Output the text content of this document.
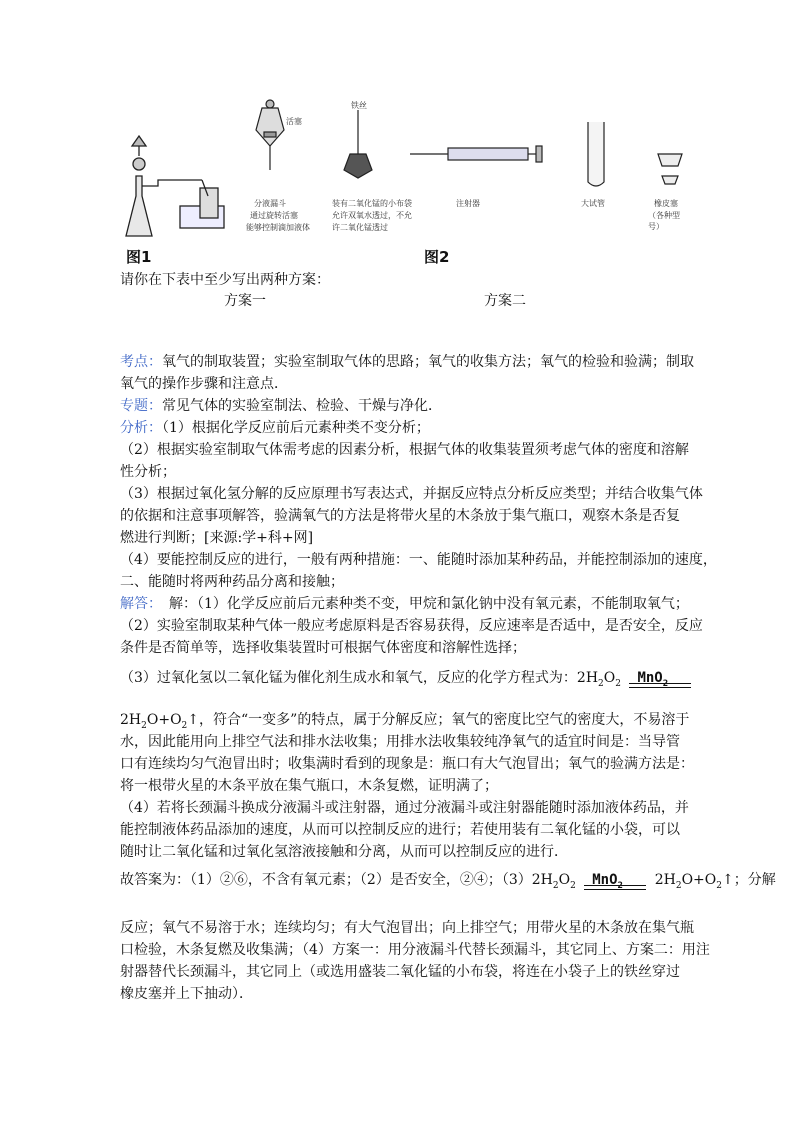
活塞
铁丝
分液漏斗
通过旋转活塞
能够控制滴加液体
装有二氧化锰的小布袋
允许双氧水透过，不允
许二氧化锰透过
注射器	大试管	橡皮塞
（各种型号）
图1	图2
请你在下表中至少写出两种方案：
方案一	方案二
考点：氧气的制取装置；实验室制取气体的思路；氧气的收集方法；氧气的检验和验满；制取
氧气的操作步骤和注意点．
专题：常见气体的实验室制法、检验、干燥与净化．
分析：（1）根据化学反应前后元素种类不变分析；
（2）根据实验室制取气体需考虑的因素分析，根据气体的收集装置须考虑气体的密度和溶解
性分析；
（3）根据过氧化氢分解的反应原理书写表达式，并据反应特点分析反应类型；并结合收集气体
的依据和注意事项解答，验满氧气的方法是将带火星的木条放于集气瓶口，观察木条是否复
燃进行判断；[来源:学+科+网]
（4）要能控制反应的进行，一般有两种措施：一、能随时添加某种药品，并能控制添加的速度，
二、能随时将两种药品分离和接触；
解答：　解：（1）化学反应前后元素种类不变，甲烷和氯化钠中没有氧元素，不能制取氧气；
（2）实验室制取某种气体一般应考虑原料是否容易获得，反应速率是否适中，是否安全，反应
条件是否简单等，选择收集装置时可根据气体密度和溶解性选择；
（3）过氧化氢以二氧化锰为催化剂生成水和氧气，反应的化学方程式为：$2H_2O_2$ MnO$_2$
$2H_2O+O_2↑$，符合“一变多”的特点，属于分解反应；氧气的密度比空气的密度大，不易溶于
水，因此能用向上排空气法和排水法收集；用排水法收集较纯净氧气的适宜时间是：当导管
口有连续均匀气泡冒出时；收集满时看到的现象是：瓶口有大气泡冒出；氧气的验满方法是：
将一根带火星的木条平放在集气瓶口，木条复燃，证明满了；
（4）若将长颈漏斗换成分液漏斗或注射器，通过分液漏斗或注射器能随时添加液体药品，并
能控制液体药品添加的速度，从而可以控制反应的进行；若使用装有二氧化锰的小袋，可以
随时让二氧化锰和过氧化氢溶液接触和分离，从而可以控制反应的进行．
故答案为：（1）②⑥，不含有氧元素；（2）是否安全，②④；$(3)2H_2O_2$ MnO$_2$ $2H_2O+O_2↑$；分解
反应；氧气不易溶于水；连续均匀；有大气泡冒出；向上排空气；用带火星的木条放在集气瓶
口检验，木条复燃及收集满；（4）方案一：用分液漏斗代替长颈漏斗，其它同上、方案二：用注
射器替代长颈漏斗，其它同上（或选用盛装二氧化锰的小布袋，将连在小袋子上的铁丝穿过
橡皮塞并上下抽动）．
